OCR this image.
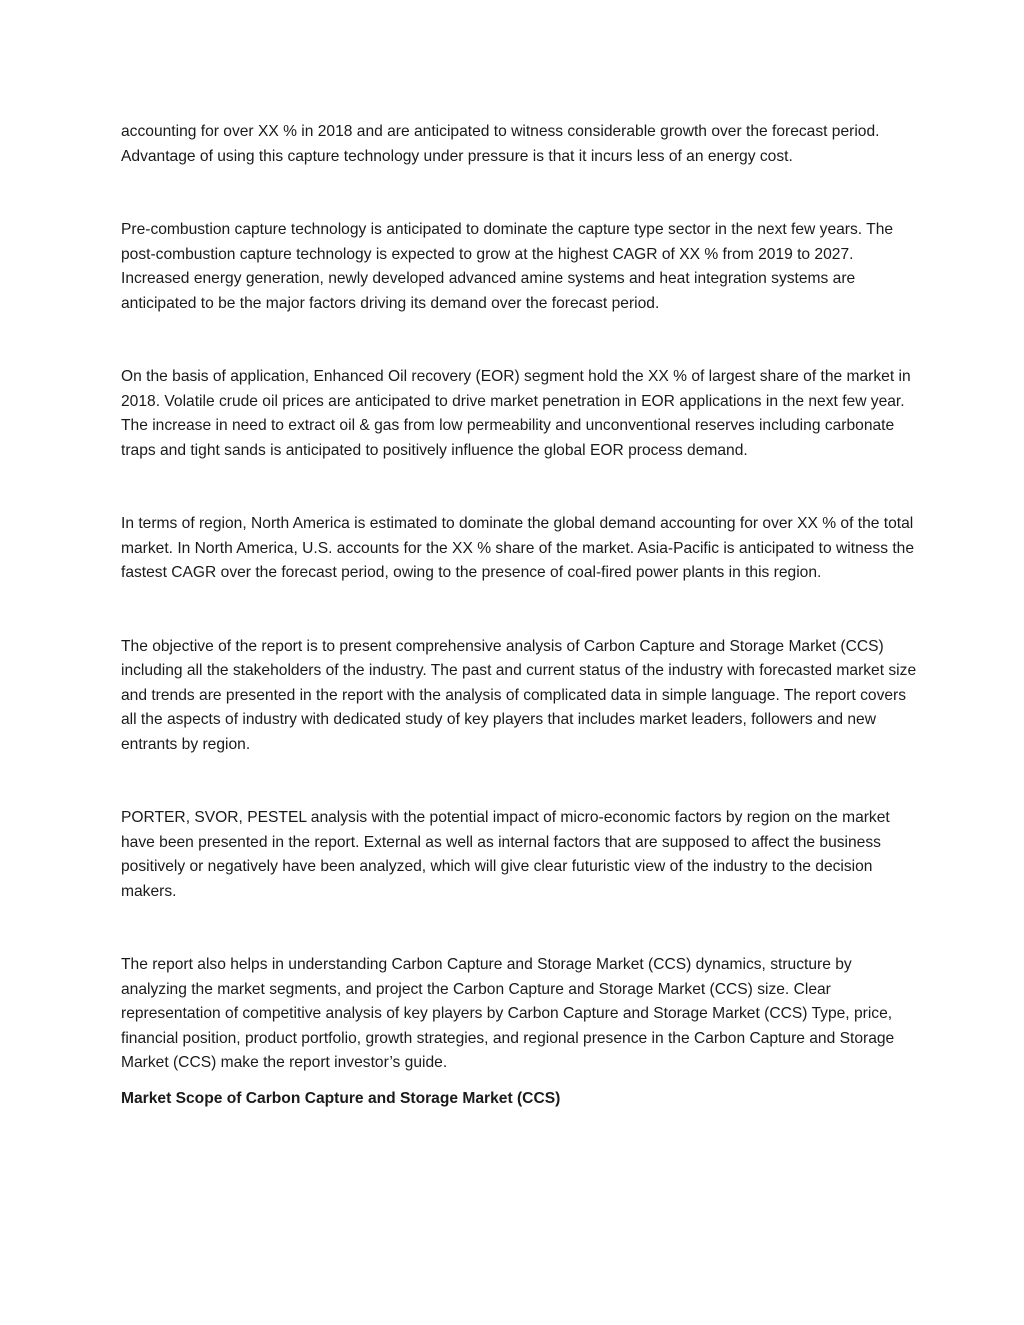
accounting for over XX % in 2018 and are anticipated to witness considerable growth over the forecast period. Advantage of using this capture technology under pressure is that it incurs less of an energy cost.

Pre-combustion capture technology is anticipated to dominate the capture type sector in the next few years. The post-combustion capture technology is expected to grow at the highest CAGR of XX % from 2019 to 2027. Increased energy generation, newly developed advanced amine systems and heat integration systems are anticipated to be the major factors driving its demand over the forecast period.

On the basis of application, Enhanced Oil recovery (EOR) segment hold the XX % of largest share of the market in 2018. Volatile crude oil prices are anticipated to drive market penetration in EOR applications in the next few year. The increase in need to extract oil & gas from low permeability and unconventional reserves including carbonate traps and tight sands is anticipated to positively influence the global EOR process demand.

In terms of region, North America is estimated to dominate the global demand accounting for over XX % of the total market. In North America, U.S. accounts for the XX % share of the market. Asia-Pacific is anticipated to witness the fastest CAGR over the forecast period, owing to the presence of coal-fired power plants in this region.

The objective of the report is to present comprehensive analysis of Carbon Capture and Storage Market (CCS) including all the stakeholders of the industry. The past and current status of the industry with forecasted market size and trends are presented in the report with the analysis of complicated data in simple language. The report covers all the aspects of industry with dedicated study of key players that includes market leaders, followers and new entrants by region.

PORTER, SVOR, PESTEL analysis with the potential impact of micro-economic factors by region on the market have been presented in the report. External as well as internal factors that are supposed to affect the business positively or negatively have been analyzed, which will give clear futuristic view of the industry to the decision makers.

The report also helps in understanding Carbon Capture and Storage Market (CCS) dynamics, structure by analyzing the market segments, and project the Carbon Capture and Storage Market (CCS) size. Clear representation of competitive analysis of key players by Carbon Capture and Storage Market (CCS) Type, price, financial position, product portfolio, growth strategies, and regional presence in the Carbon Capture and Storage Market (CCS) make the report investor’s guide.

Market Scope of Carbon Capture and Storage Market (CCS)
